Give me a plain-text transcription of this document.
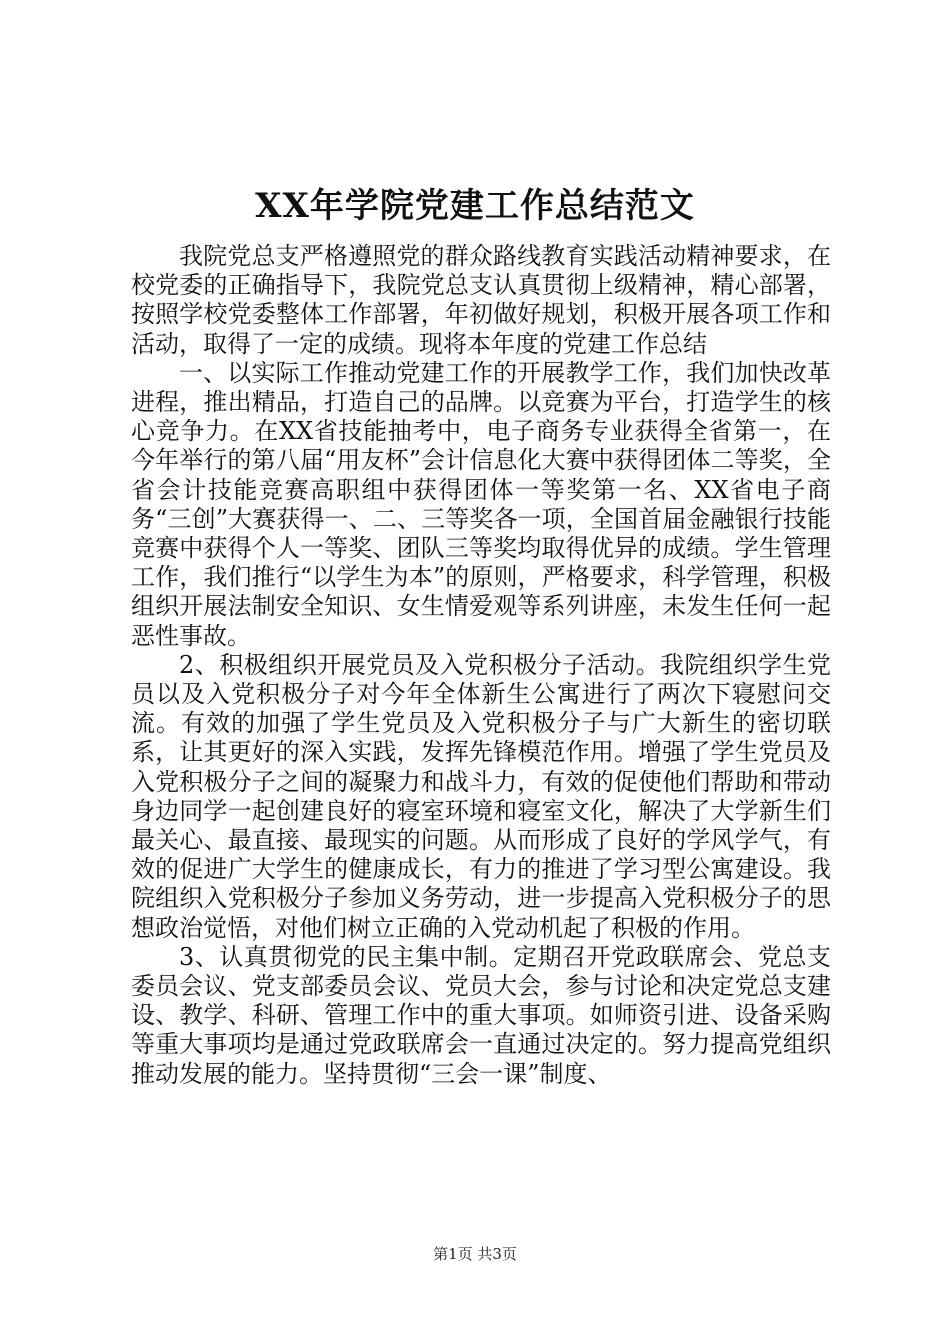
XX年学院党建工作总结范文

我院党总支严格遵照党的群众路线教育实践活动精神要求，在校党委的正确指导下，我院党总支认真贯彻上级精神，精心部署，按照学校党委整体工作部署，年初做好规划，积极开展各项工作和活动，取得了一定的成绩。现将本年度的党建工作总结

一、以实际工作推动党建工作的开展教学工作，我们加快改革进程，推出精品，打造自己的品牌。以竞赛为平台，打造学生的核心竞争力。在XX省技能抽考中，电子商务专业获得全省第一，在今年举行的第八届“用友杯”会计信息化大赛中获得团体二等奖，全省会计技能竞赛高职组中获得团体一等奖第一名、XX省电子商务“三创”大赛获得一、二、三等奖各一项，全国首届金融银行技能竞赛中获得个人一等奖、团队三等奖均取得优异的成绩。学生管理工作，我们推行“以学生为本”的原则，严格要求，科学管理，积极组织开展法制安全知识、女生情爱观等系列讲座，未发生任何一起恶性事故。

2、积极组织开展党员及入党积极分子活动。我院组织学生党员以及入党积极分子对今年全体新生公寓进行了两次下寝慰问交流。有效的加强了学生党员及入党积极分子与广大新生的密切联系，让其更好的深入实践，发挥先锋模范作用。增强了学生党员及入党积极分子之间的凝聚力和战斗力，有效的促使他们帮助和带动身边同学一起创建良好的寝室环境和寝室文化，解决了大学新生们最关心、最直接、最现实的问题。从而形成了良好的学风学气，有效的促进广大学生的健康成长，有力的推进了学习型公寓建设。我院组织入党积极分子参加义务劳动，进一步提高入党积极分子的思想政治觉悟，对他们树立正确的入党动机起了积极的作用。

3、认真贯彻党的民主集中制。定期召开党政联席会、党总支委员会议、党支部委员会议、党员大会，参与讨论和决定党总支建设、教学、科研、管理工作中的重大事项。如师资引进、设备采购等重大事项均是通过党政联席会一直通过决定的。努力提高党组织推动发展的能力。坚持贯彻“三会一课”制度、

第1页 共3页
